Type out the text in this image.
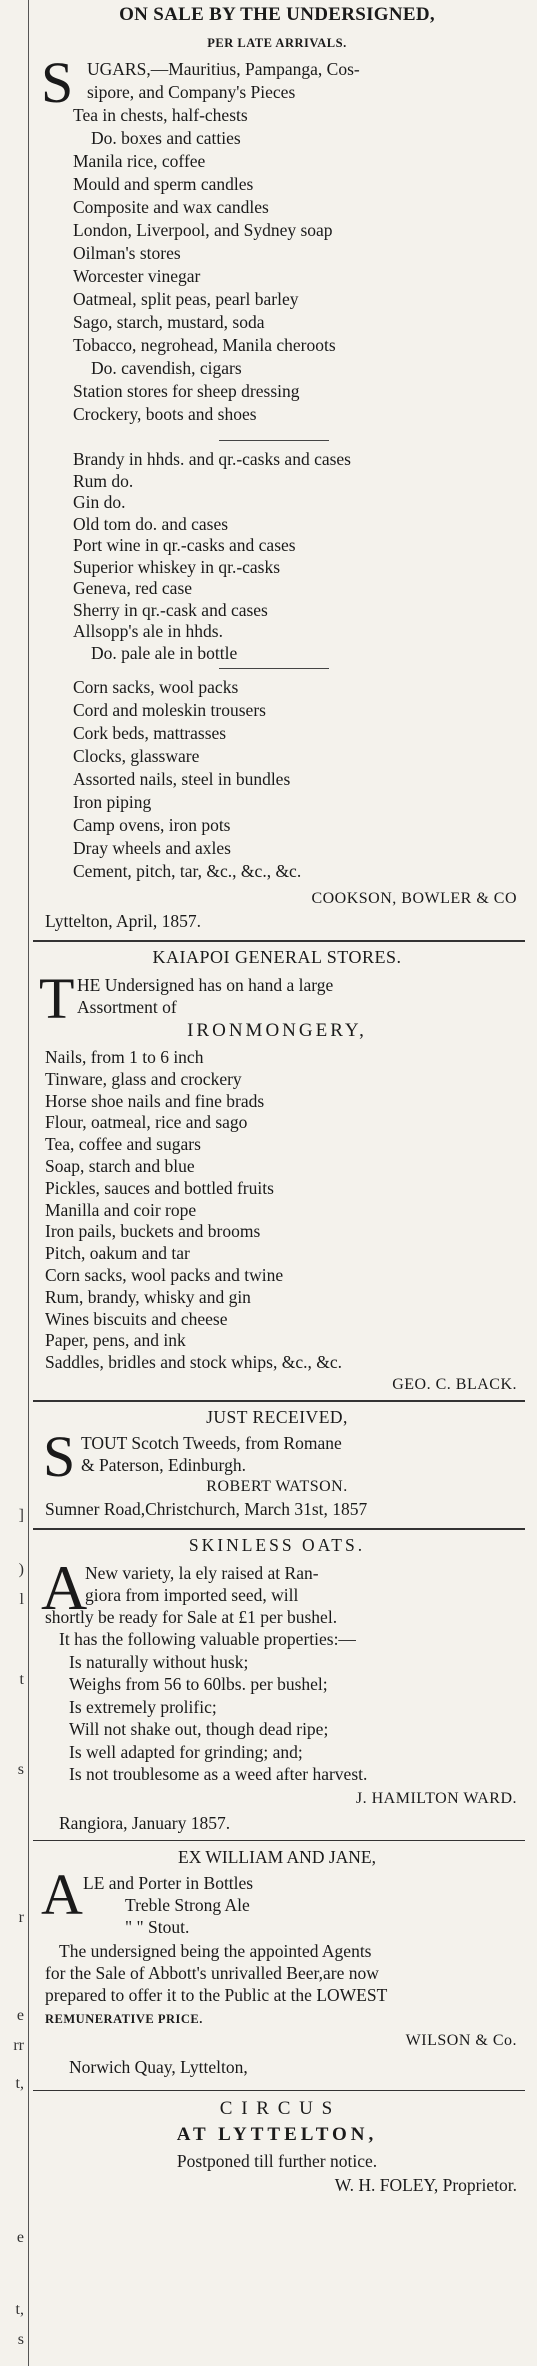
]
)
l
t
s
r
e
rr
t,
e
t,
s
ON SALE BY THE UNDERSIGNED,
PER LATE ARRIVALS.
S UGARS,—Mauritius, Pampanga, Cos-
sipore, and Company's Pieces
Tea in chests, half-chests
Do. boxes and catties
Manila rice, coffee
Mould and sperm candles
Composite and wax candles
London, Liverpool, and Sydney soap
Oilman's stores
Worcester vinegar
Oatmeal, split peas, pearl barley
Sago, starch, mustard, soda
Tobacco, negrohead, Manila cheroots
Do. cavendish, cigars
Station stores for sheep dressing
Crockery, boots and shoes
Brandy in hhds. and qr.-casks and cases
Rum do.
Gin do.
Old tom do. and cases
Port wine in qr.-casks and cases
Superior whiskey in qr.-casks
Geneva, red case
Sherry in qr.-cask and cases
Allsopp's ale in hhds.
Do. pale ale in bottle
Corn sacks, wool packs
Cord and moleskin trousers
Cork beds, mattrasses
Clocks, glassware
Assorted nails, steel in bundles
Iron piping
Camp ovens, iron pots
Dray wheels and axles
Cement, pitch, tar, &c., &c., &c.
COOKSON, BOWLER & CO
Lyttelton, April, 1857.
KAIAPOI GENERAL STORES.
T HE Undersigned has on hand a large
Assortment of
IRONMONGERY,
Nails, from 1 to 6 inch
Tinware, glass and crockery
Horse shoe nails and fine brads
Flour, oatmeal, rice and sago
Tea, coffee and sugars
Soap, starch and blue
Pickles, sauces and bottled fruits
Manilla and coir rope
Iron pails, buckets and brooms
Pitch, oakum and tar
Corn sacks, wool packs and twine
Rum, brandy, whisky and gin
Wines biscuits and cheese
Paper, pens, and ink
Saddles, bridles and stock whips, &c., &c.
GEO. C. BLACK.
JUST RECEIVED,
S TOUT Scotch Tweeds, from Romane
& Paterson, Edinburgh.
ROBERT WATSON.
Sumner Road,Christchurch, March 31st, 1857
SKINLESS OATS.
A
New variety, la ely raised at Ran-
giora from imported seed, will
shortly be ready for Sale at £1 per bushel.
It has the following valuable properties:—
Is naturally without husk;
Weighs from 56 to 60lbs. per bushel;
Is extremely prolific;
Will not shake out, though dead ripe;
Is well adapted for grinding; and;
Is not troublesome as a weed after harvest.
J. HAMILTON WARD.
Rangiora, January 1857.
EX WILLIAM AND JANE,
A LE and Porter in Bottles
Treble Strong Ale
" " Stout.
The undersigned being the appointed Agents
for the Sale of Abbott's unrivalled Beer,are now
prepared to offer it to the Public at the LOWEST
REMUNERATIVE PRICE.
WILSON & Co.
Norwich Quay, Lyttelton,
C I R C U S
AT LYTTELTON,
Postponed till further notice.
W. H. FOLEY, Proprietor.
